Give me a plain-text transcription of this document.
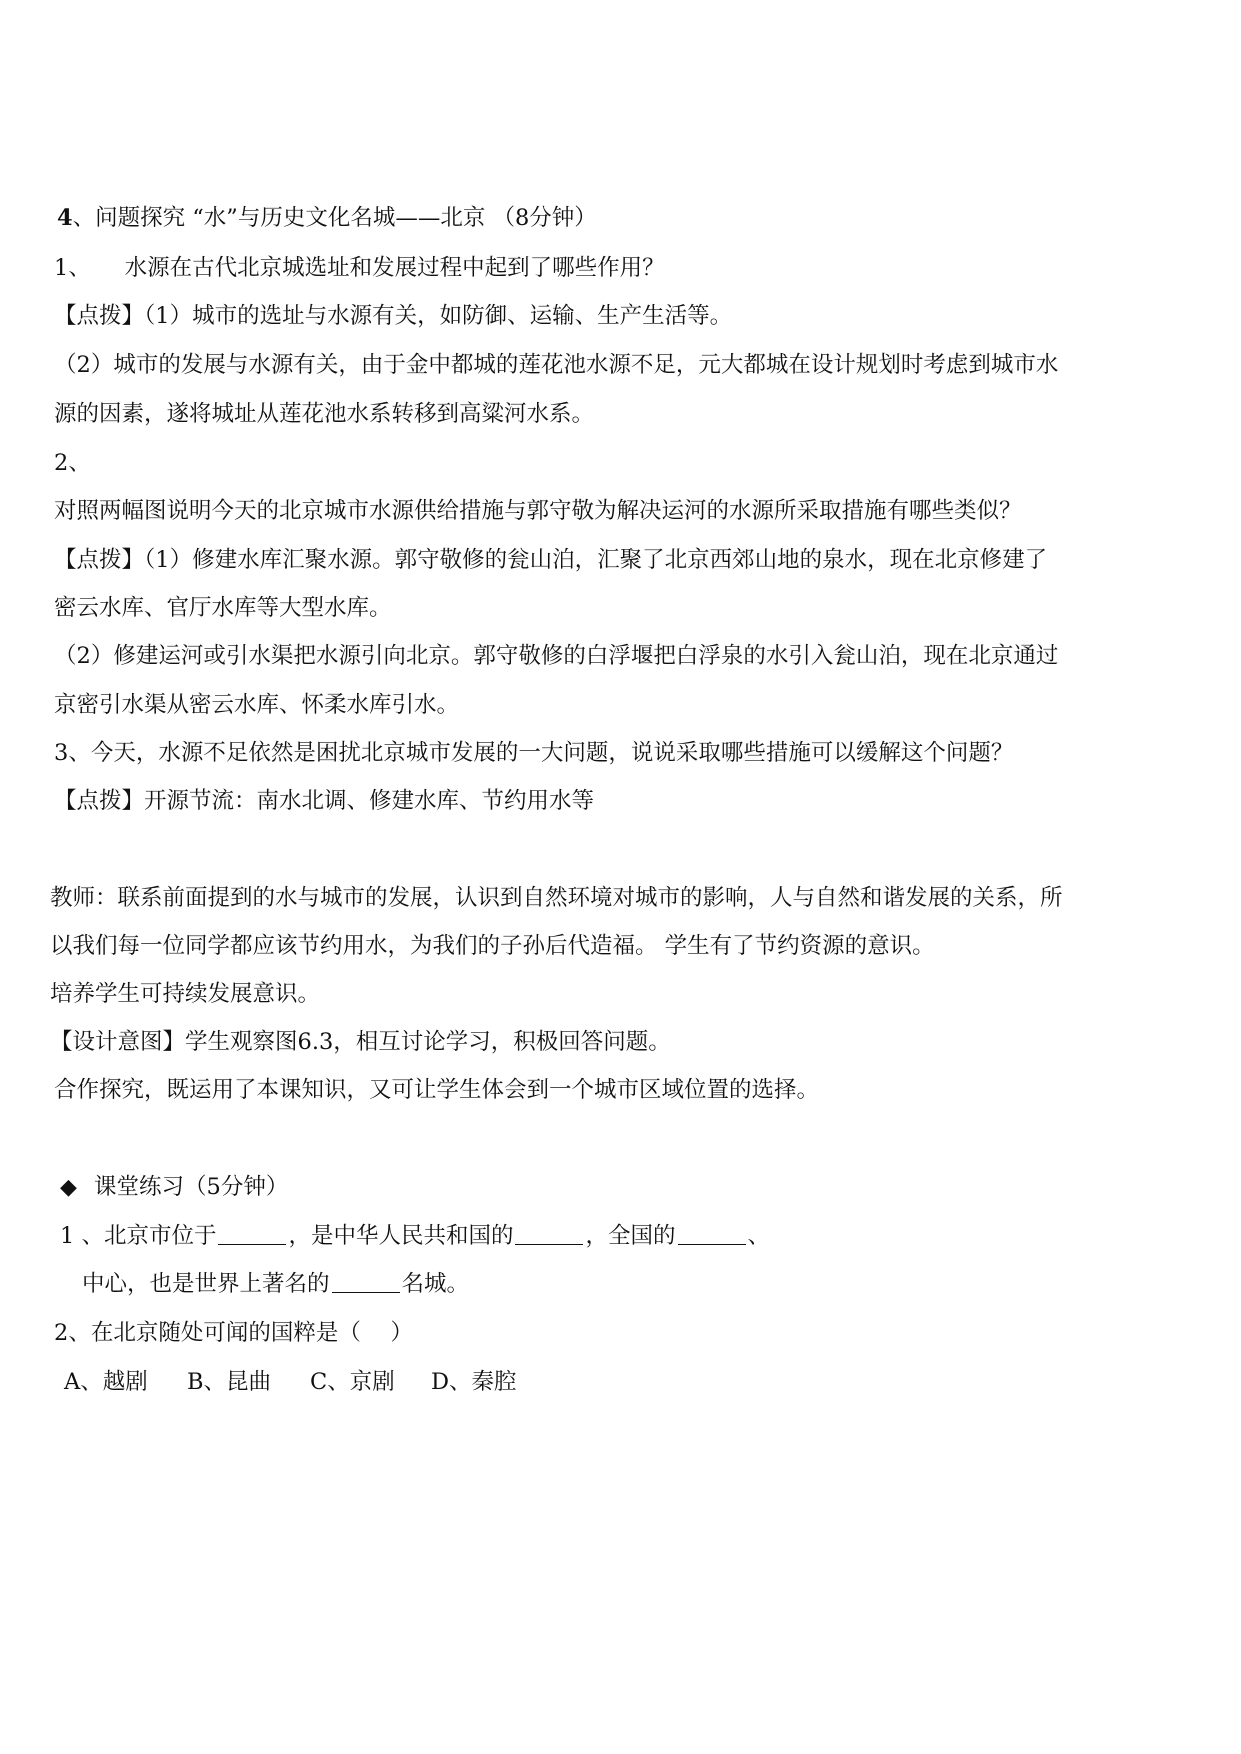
4、问题探究 “水”与历史文化名城——北京 （8分钟）
1、　　水源在古代北京城选址和发展过程中起到了哪些作用？
【点拨】（1）城市的选址与水源有关，如防御、运输、生产生活等。
（2）城市的发展与水源有关，由于金中都城的莲花池水源不足，元大都城在设计规划时考虑到城市水
源的因素，遂将城址从莲花池水系转移到高粱河水系。
2、
对照两幅图说明今天的北京城市水源供给措施与郭守敬为解决运河的水源所采取措施有哪些类似？
【点拨】（1）修建水库汇聚水源。郭守敬修的瓮山泊，汇聚了北京西郊山地的泉水，现在北京修建了
密云水库、官厅水库等大型水库。
（2）修建运河或引水渠把水源引向北京。郭守敬修的白浮堰把白浮泉的水引入瓮山泊，现在北京通过
京密引水渠从密云水库、怀柔水库引水。
3、今天，水源不足依然是困扰北京城市发展的一大问题，说说采取哪些措施可以缓解这个问题？
【点拨】开源节流：南水北调、修建水库、节约用水等
教师：联系前面提到的水与城市的发展，认识到自然环境对城市的影响，人与自然和谐发展的关系，所
以我们每一位同学都应该节约用水，为我们的子孙后代造福。 学生有了节约资源的意识。
培养学生可持续发展意识。
【设计意图】学生观察图6.3，相互讨论学习，积极回答问题。
合作探究，既运用了本课知识，又可让学生体会到一个城市区域位置的选择。
◆ 课堂练习（5分钟）
1 、北京市位于	，是中华人民共和国的	，全国的	、
中心，也是世界上著名的	名城。
2、在北京随处可闻的国粹是（　 ）
A、越剧 B、昆曲 C、京剧 D、秦腔
